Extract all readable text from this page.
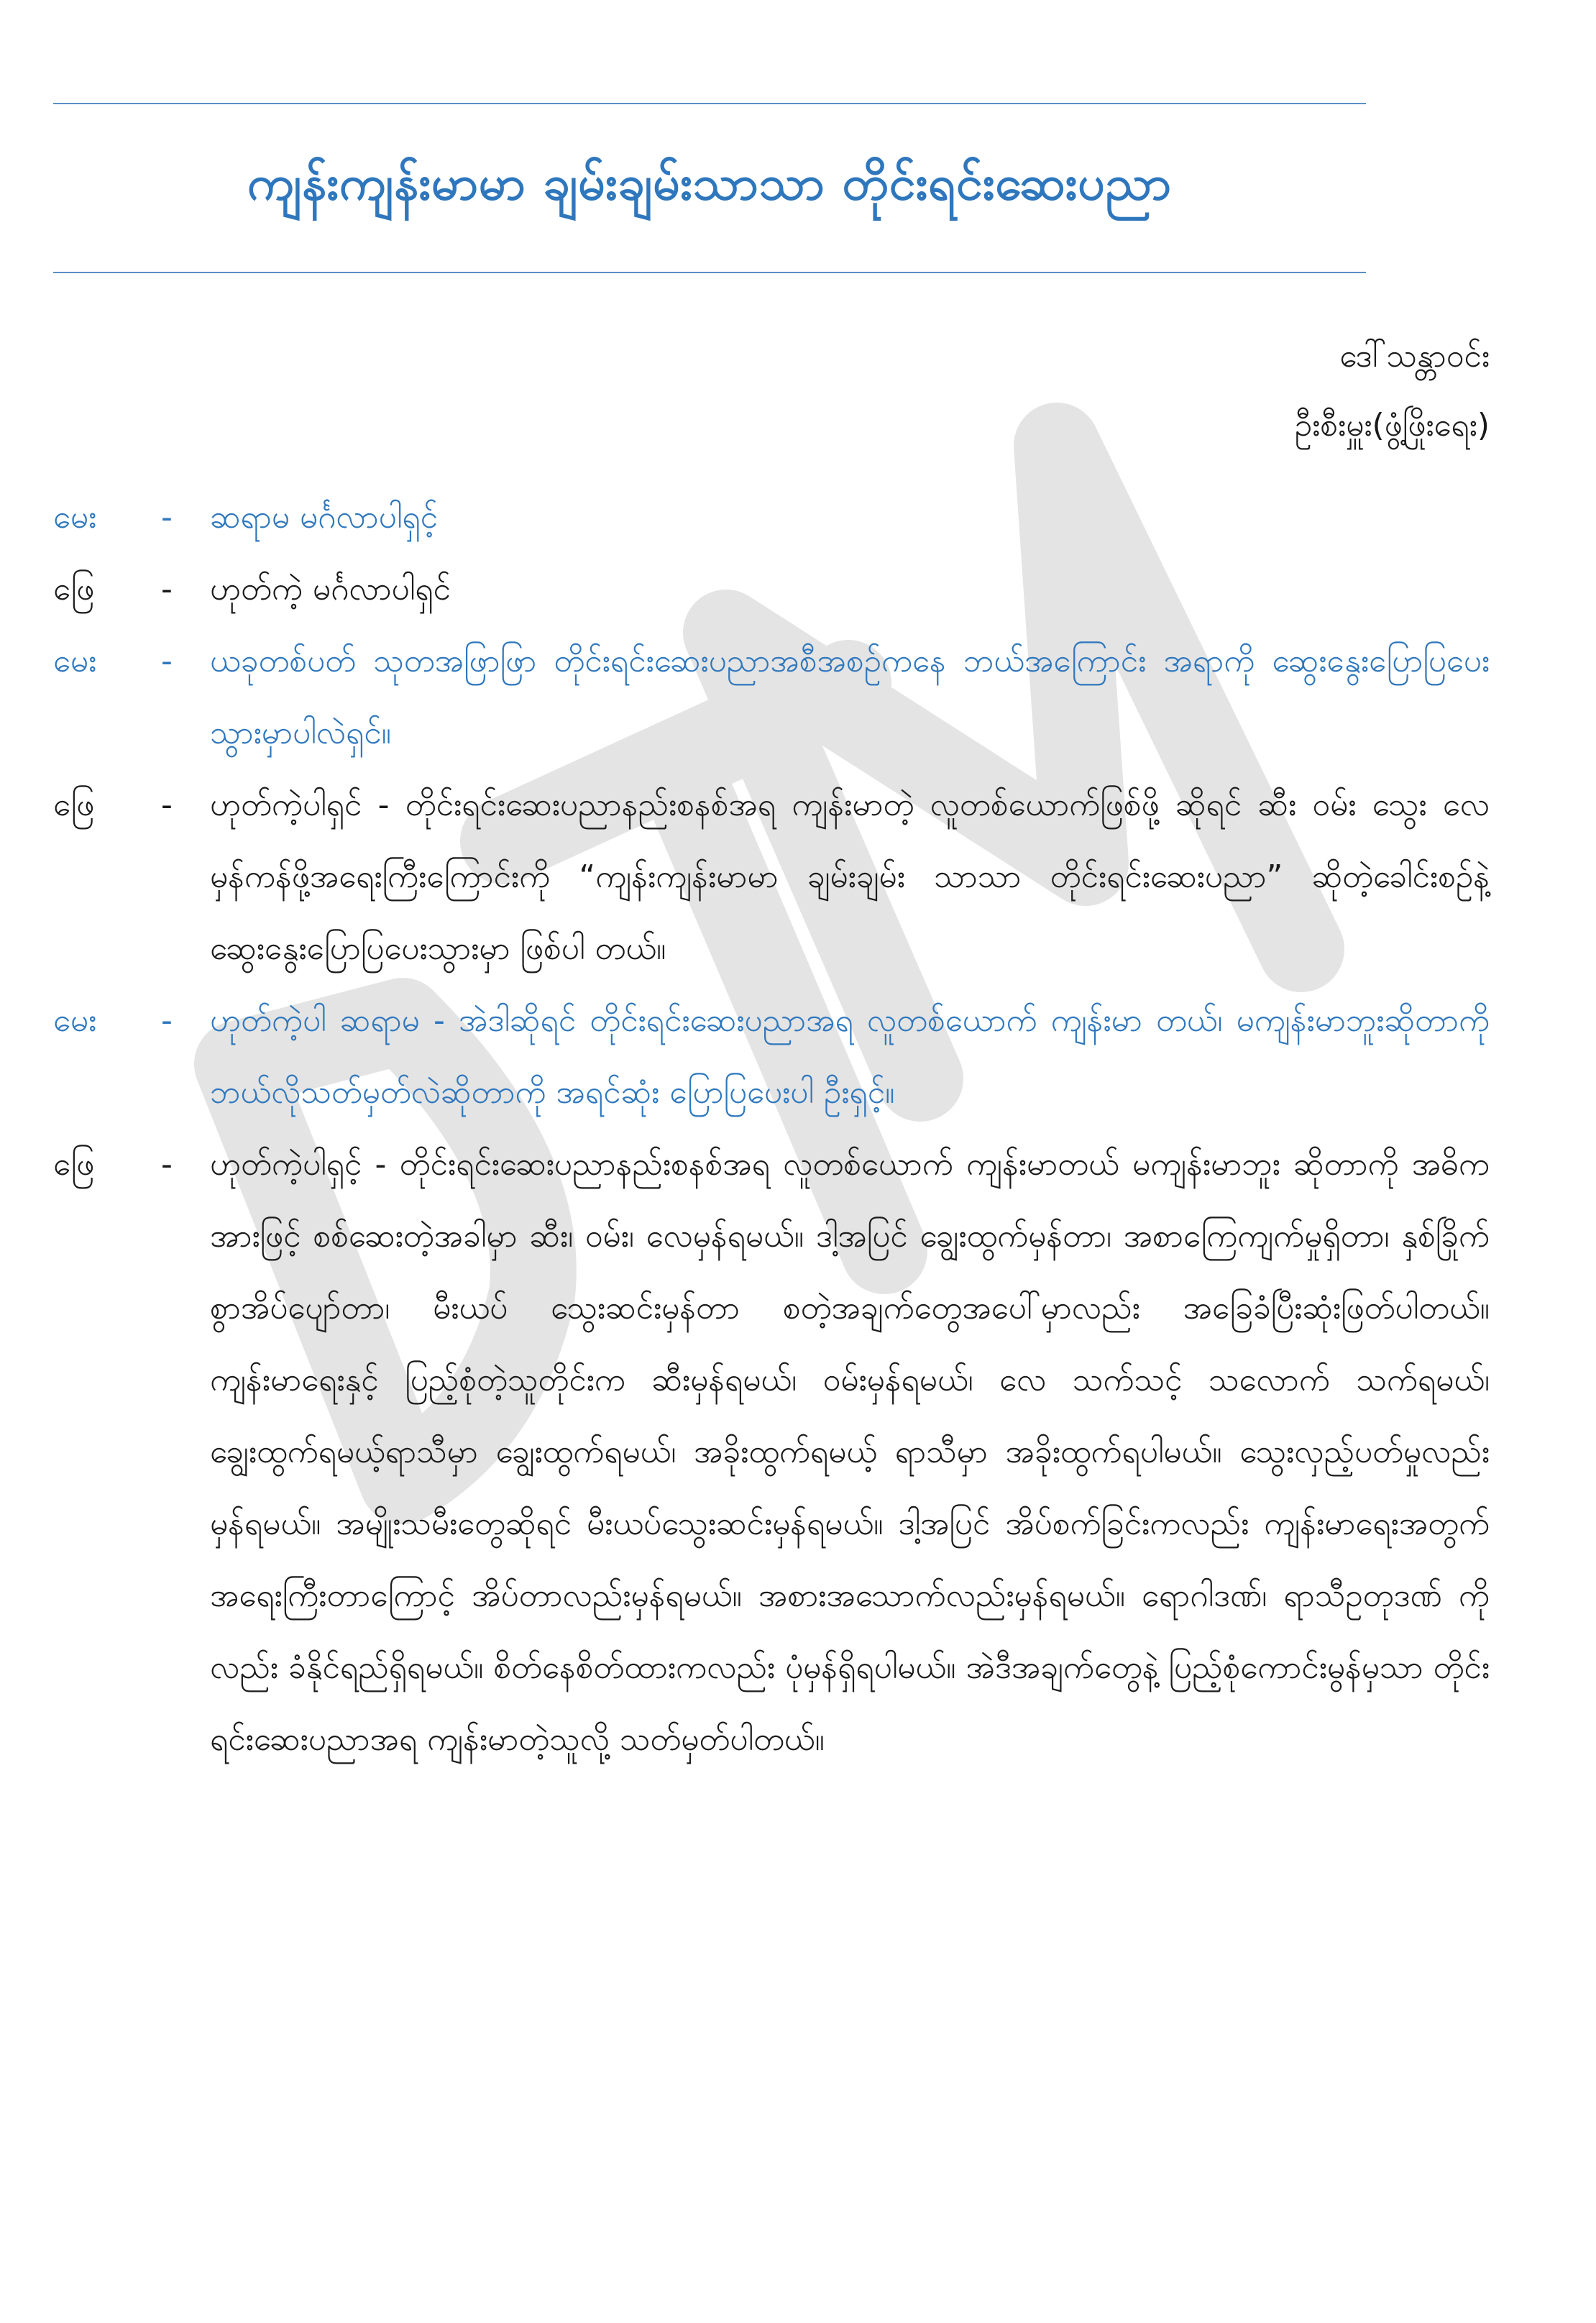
ကျန်းကျန်းမာမာ ချမ်းချမ်းသာသာ တိုင်းရင်းဆေးပညာ
ဒေါ်သန္တာဝင်း
ဦးစီးမှူး(ဖွံ့ဖြိုးရေး)
မေး	-	ဆရာမ မင်္ဂလာပါရှင့်
ဖြေ	-	ဟုတ်ကဲ့ မင်္ဂလာပါရှင်
မေး	-	ယခုတစ်ပတ် သုတအဖြာဖြာ တိုင်းရင်းဆေးပညာအစီအစဉ်ကနေ ဘယ်အကြောင်း အရာကို ဆွေးနွေးပြောပြပေးသွားမှာပါလဲရှင်။
ဖြေ	-	ဟုတ်ကဲ့ပါရှင် - တိုင်းရင်းဆေးပညာနည်းစနစ်အရ ကျန်းမာတဲ့ လူတစ်ယောက်ဖြစ်ဖို့ ဆိုရင် ဆီး ဝမ်း သွေး လေ မှန်ကန်ဖို့အရေးကြီးကြောင်းကို “ကျန်းကျန်းမာမာ ချမ်းချမ်း သာသာ တိုင်းရင်းဆေးပညာ” ဆိုတဲ့ခေါင်းစဉ်နဲ့ ဆွေးနွေးပြောပြပေးသွားမှာ ဖြစ်ပါ တယ်။
မေး	-	ဟုတ်ကဲ့ပါ ဆရာမ - အဲဒါဆိုရင် တိုင်းရင်းဆေးပညာအရ လူတစ်ယောက် ကျန်းမာ တယ်၊ မကျန်းမာဘူးဆိုတာကို ဘယ်လိုသတ်မှတ်လဲဆိုတာကို အရင်ဆုံး ပြောပြပေးပါ ဦးရှင့်။
ဖြေ	-	ဟုတ်ကဲ့ပါရှင့် - တိုင်းရင်းဆေးပညာနည်းစနစ်အရ လူတစ်ယောက် ကျန်းမာတယ် မကျန်းမာဘူး ဆိုတာကို အဓိကအားဖြင့် စစ်ဆေးတဲ့အခါမှာ ဆီး၊ ဝမ်း၊ လေမှန်ရမယ်။ ဒါ့အပြင် ချွေးထွက်မှန်တာ၊ အစာကြေကျက်မှုရှိတာ၊ နှစ်ခြိုက်စွာအိပ်ပျော်တာ၊ မီးယပ် သွေးဆင်းမှန်တာ စတဲ့အချက်တွေအပေါ်မှာလည်း အခြေခံပြီးဆုံးဖြတ်ပါတယ်။ ကျန်းမာရေးနှင့် ပြည့်စုံတဲ့သူတိုင်းက ဆီးမှန်ရမယ်၊ ဝမ်းမှန်ရမယ်၊ လေ သက်သင့် သလောက် သက်ရမယ်၊ ချွေးထွက်ရမယ့်ရာသီမှာ ချွေးထွက်ရမယ်၊ အခိုးထွက်ရမယ့် ရာသီမှာ အခိုးထွက်ရပါမယ်။ သွေးလှည့်ပတ်မှုလည်း မှန်ရမယ်။ အမျိုးသမီးတွေဆိုရင် မီးယပ်သွေးဆင်းမှန်ရမယ်။ ဒါ့အပြင် အိပ်စက်ခြင်းကလည်း ကျန်းမာရေးအတွက် အရေးကြီးတာကြောင့် အိပ်တာလည်းမှန်ရမယ်။ အစားအသောက်လည်းမှန်ရမယ်။ ရောဂါဒဏ်၊ ရာသီဥတုဒဏ် ကိုလည်း ခံနိုင်ရည်ရှိရမယ်။ စိတ်နေစိတ်ထားကလည်း ပုံမှန်ရှိရပါမယ်။ အဲဒီအချက်တွေနဲ့ ပြည့်စုံကောင်းမွန်မှသာ တိုင်းရင်းဆေးပညာအရ ကျန်းမာတဲ့သူလို့ သတ်မှတ်ပါတယ်။
